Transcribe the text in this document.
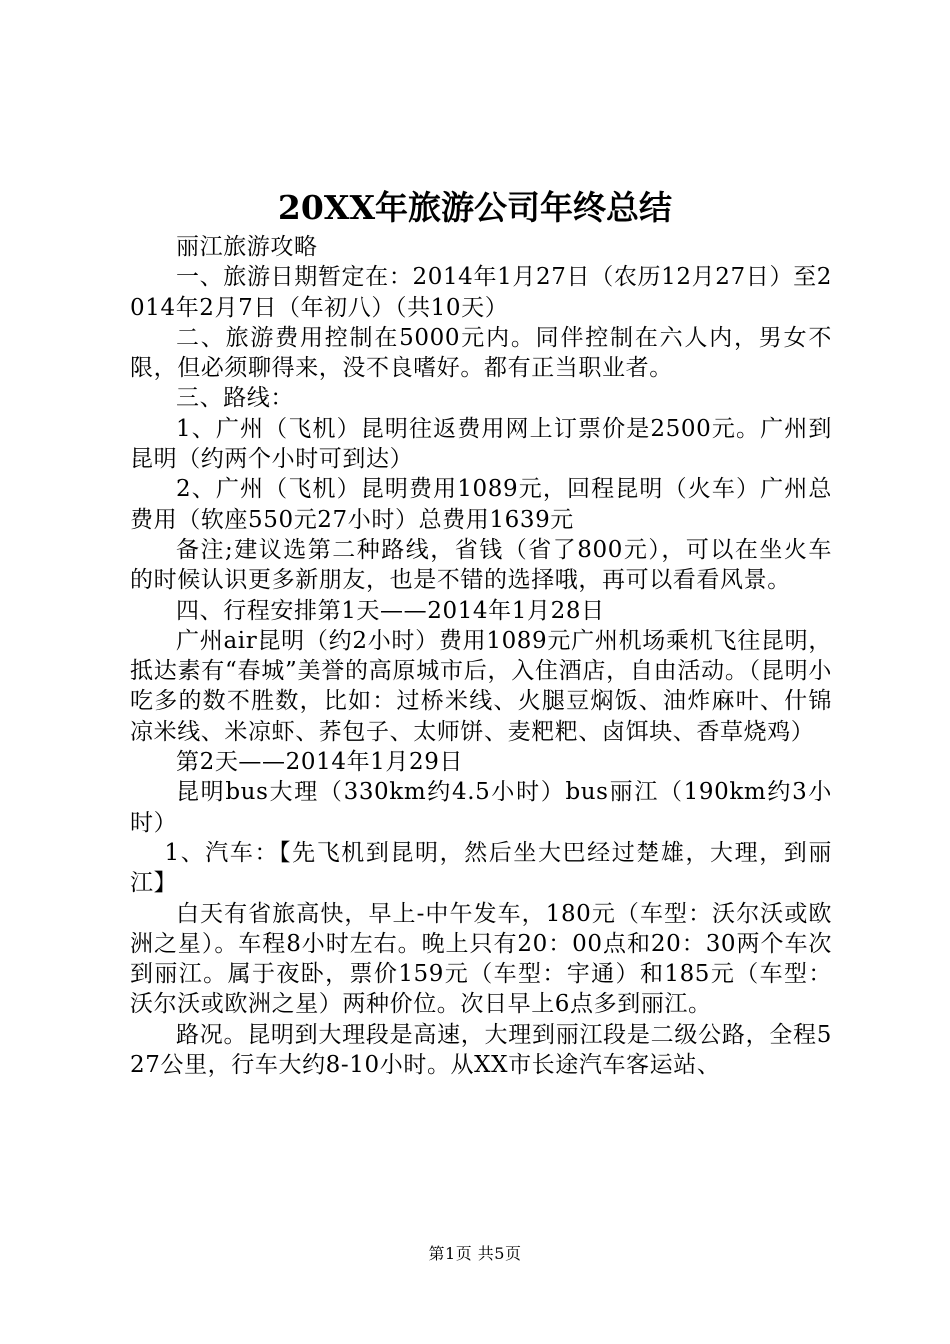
20XX年旅游公司年终总结

丽江旅游攻略

一、旅游日期暂定在：2014年1月27日（农历12月27日）至2014年2月7日（年初八）（共10天）

二、旅游费用控制在5000元内。同伴控制在六人内，男女不限，但必须聊得来，没不良嗜好。都有正当职业者。

三、路线：

1、广州（飞机）昆明往返费用网上订票价是2500元。广州到昆明（约两个小时可到达）

2、广州（飞机）昆明费用1089元，回程昆明（火车）广州总费用（软座550元27小时）总费用1639元

备注;建议选第二种路线，省钱（省了800元），可以在坐火车的时候认识更多新朋友，也是不错的选择哦，再可以看看风景。

四、行程安排第1天——2014年1月28日

广州air昆明（约2小时）费用1089元广州机场乘机飞往昆明，抵达素有“春城”美誉的高原城市后，入住酒店，自由活动。（昆明小吃多的数不胜数，比如：过桥米线、火腿豆焖饭、油炸麻叶、什锦凉米线、米凉虾、荞包子、太师饼、麦粑粑、卤饵块、香草烧鸡）

第2天——2014年1月29日

昆明bus大理（330km约4.5小时）bus丽江（190km约3小时）

1、汽车：【先飞机到昆明，然后坐大巴经过楚雄，大理，到丽江】

白天有省旅高快，早上-中午发车，180元（车型：沃尔沃或欧洲之星）。车程8小时左右。晚上只有20：00点和20：30两个车次到丽江。属于夜卧，票价159元（车型：宇通）和185元（车型：沃尔沃或欧洲之星）两种价位。次日早上6点多到丽江。

路况。昆明到大理段是高速，大理到丽江段是二级公路，全程527公里，行车大约8-10小时。从XX市长途汽车客运站、

第1页 共5页
